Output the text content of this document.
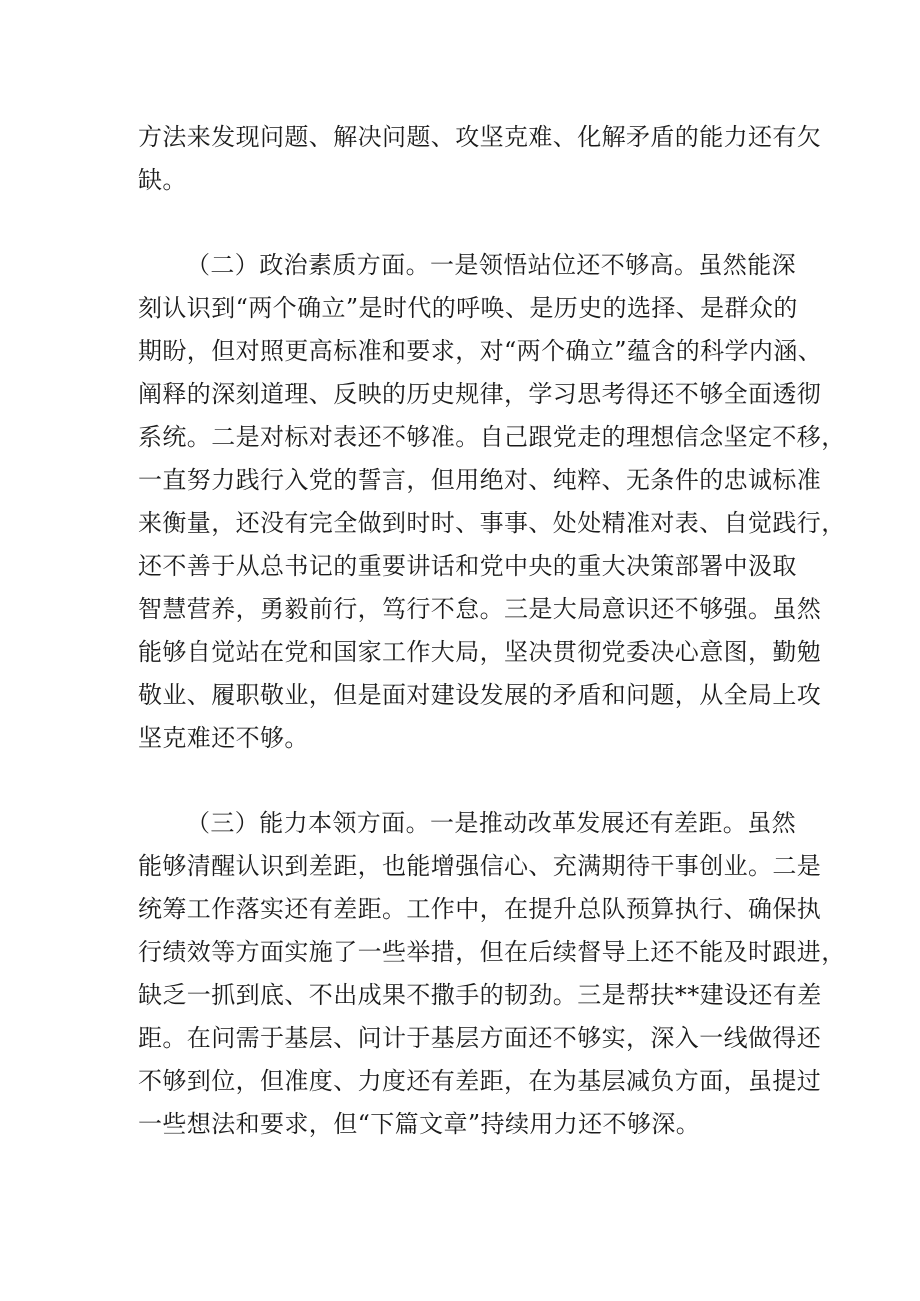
方法来发现问题、解决问题、攻坚克难、化解矛盾的能力还有欠

缺。

（二）政治素质方面。一是领悟站位还不够高。虽然能深

刻认识到“两个确立”是时代的呼唤、是历史的选择、是群众的

期盼，但对照更高标准和要求，对“两个确立”蕴含的科学内涵、

阐释的深刻道理、反映的历史规律，学习思考得还不够全面透彻

系统。二是对标对表还不够准。自己跟党走的理想信念坚定不移，

一直努力践行入党的誓言，但用绝对、纯粹、无条件的忠诚标准

来衡量，还没有完全做到时时、事事、处处精准对表、自觉践行，

还不善于从总书记的重要讲话和党中央的重大决策部署中汲取

智慧营养，勇毅前行，笃行不怠。三是大局意识还不够强。虽然

能够自觉站在党和国家工作大局，坚决贯彻党委决心意图，勤勉

敬业、履职敬业，但是面对建设发展的矛盾和问题，从全局上攻

坚克难还不够。

（三）能力本领方面。一是推动改革发展还有差距。虽然

能够清醒认识到差距，也能增强信心、充满期待干事创业。二是

统筹工作落实还有差距。工作中，在提升总队预算执行、确保执

行绩效等方面实施了一些举措，但在后续督导上还不能及时跟进，

缺乏一抓到底、不出成果不撒手的韧劲。三是帮扶**建设还有差

距。在问需于基层、问计于基层方面还不够实，深入一线做得还

不够到位，但准度、力度还有差距，在为基层减负方面，虽提过

一些想法和要求，但“下篇文章”持续用力还不够深。
